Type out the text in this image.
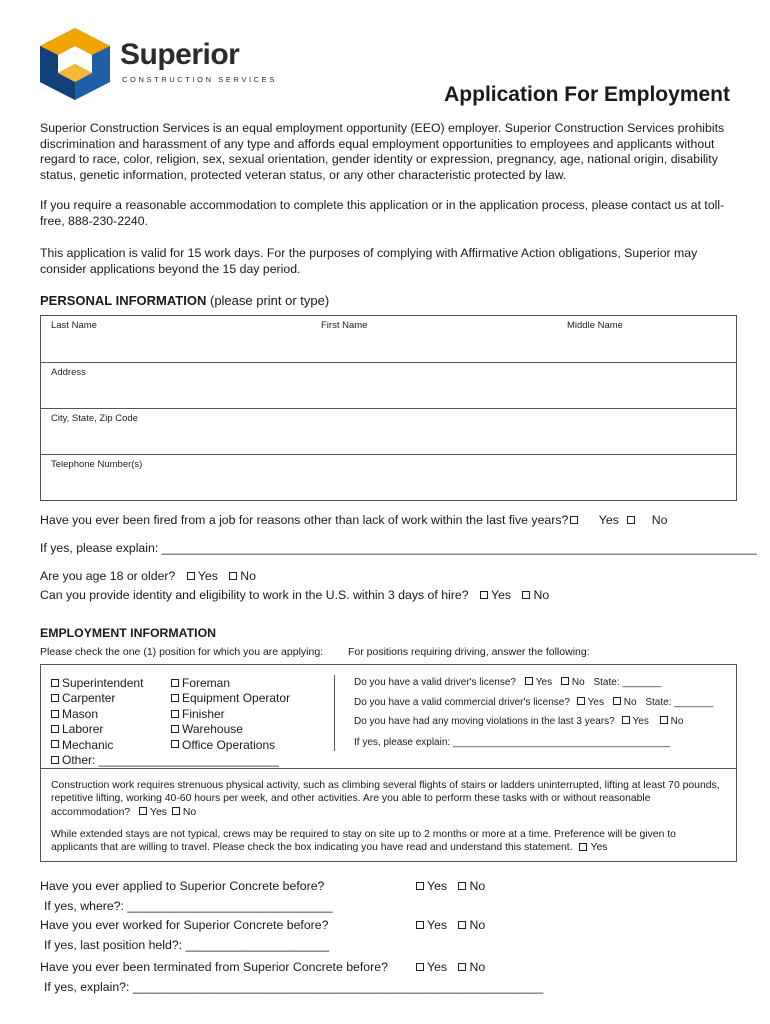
Superior
CONSTRUCTION SERVICES
Application For Employment
Superior Construction Services is an equal employment opportunity (EEO) employer. Superior Construction Services prohibits discrimination and harassment of any type and affords equal employment opportunities to employees and applicants without regard to race, color, religion, sex, sexual orientation, gender identity or expression, pregnancy, age, national origin, disability status, genetic information, protected veteran status, or any other characteristic protected by law.
If you require a reasonable accommodation to complete this application or in the application process, please contact us at toll-free, 888-230-2240.
This application is valid for 15 work days. For the purposes of complying with Affirmative Action obligations, Superior may consider applications beyond the 15 day period.
PERSONAL INFORMATION (please print or type)
Last Name	First Name	Middle Name
Address
City, State, Zip Code
Telephone Number(s)
Have you ever been fired from a job for reasons other than lack of work within the last five years? Yes	No
If yes, please explain: _______________________________________________________________________________________
Are you age 18 or older? Yes No
Can you provide identity and eligibility to work in the U.S. within 3 days of hire? Yes No
EMPLOYMENT INFORMATION
Please check the one (1) position for which you are applying: For positions requiring driving, answer the following:
Superintendent
Carpenter
Mason
Laborer
Mechanic
Other: ___________________________
Foreman
Equipment Operator
Finisher
Warehouse
Office Operations
Do you have a valid driver's license? Yes No State: _______
Do you have a valid commercial driver's license? Yes No State: _______
Do you have had any moving violations in the last 3 years? Yes No
If yes, please explain: _______________________________________
Construction work requires strenuous physical activity, such as climbing several flights of stairs or ladders uninterrupted, lifting at least 70 pounds, repetitive lifting, working 40-60 hours per week, and other activities. Are you able to perform these tasks with or without reasonable accommodation? Yes No
While extended stays are not typical, crews may be required to stay on site up to 2 months or more at a time. Preference will be given to applicants that are willing to travel. Please check the box indicating you have read and understand this statement. Yes
Have you ever applied to Superior Concrete before?	Yes No
If yes, where?: ______________________________
Have you ever worked for Superior Concrete before?	Yes No
If yes, last position held?: _____________________
Have you ever been terminated from Superior Concrete before?	Yes No
If yes, explain?: ____________________________________________________________
